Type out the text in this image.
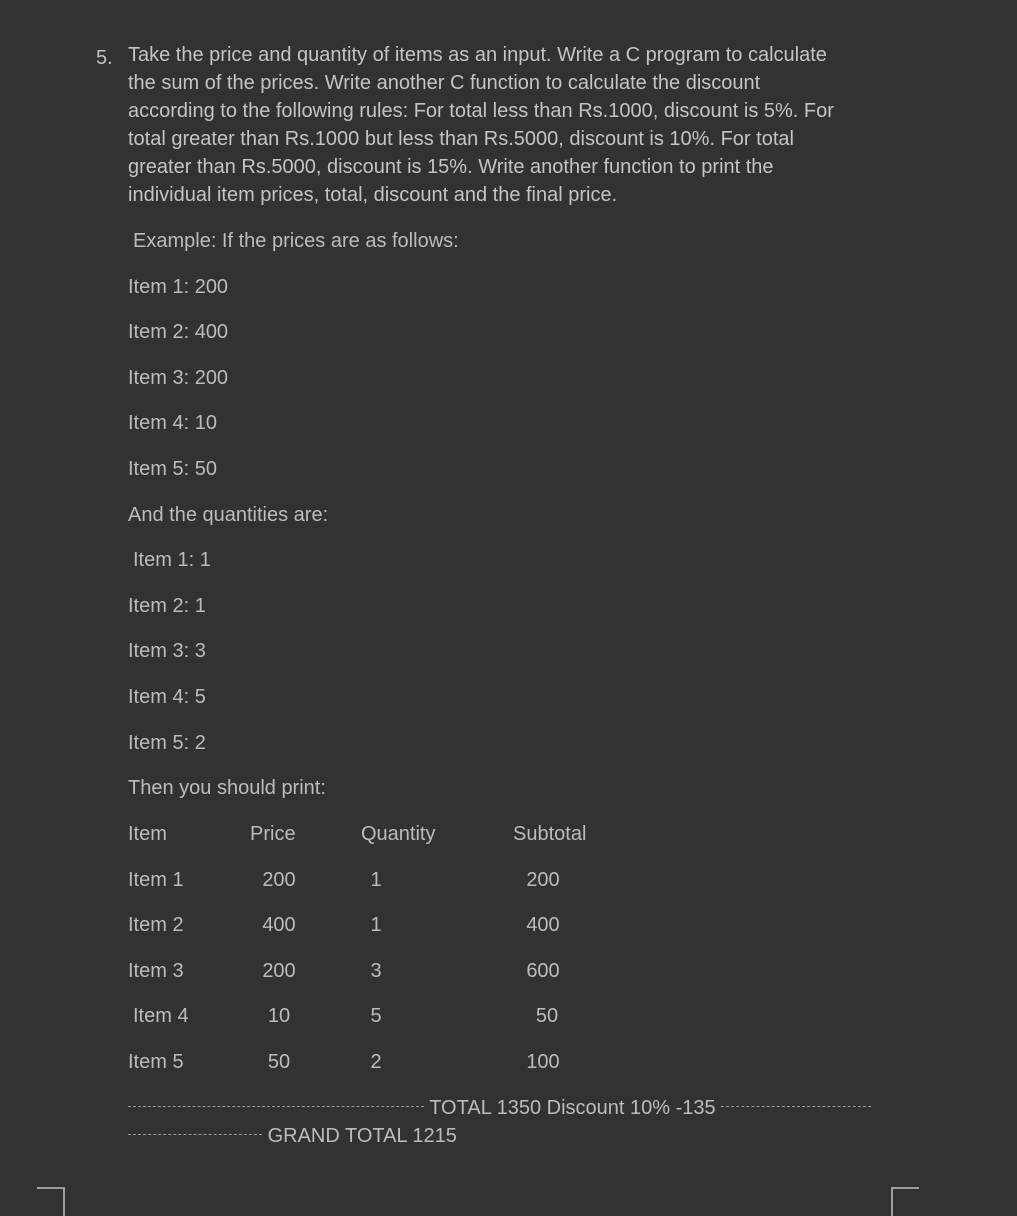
5. Take the price and quantity of items as an input. Write a C program to calculate
the sum of the prices. Write another C function to calculate the discount
according to the following rules: For total less than Rs.1000, discount is 5%. For
total greater than Rs.1000 but less than Rs.5000, discount is 10%. For total
greater than Rs.5000, discount is 15%. Write another function to print the
individual item prices, total, discount and the final price.
Example: If the prices are as follows:
Item 1: 200
Item 2: 400
Item 3: 200
Item 4: 10
Item 5: 50
And the quantities are:
Item 1: 1
Item 2: 1
Item 3: 3
Item 4: 5
Item 5: 2
Then you should print:
Item	Price	Quantity	Subtotal
Item 1	200	1	200
Item 2	400	1	400
Item 3	200	3	600
Item 4	10	5	50
Item 5	50	2	100
TOTAL 1350 Discount 10% -135
GRAND TOTAL 1215
